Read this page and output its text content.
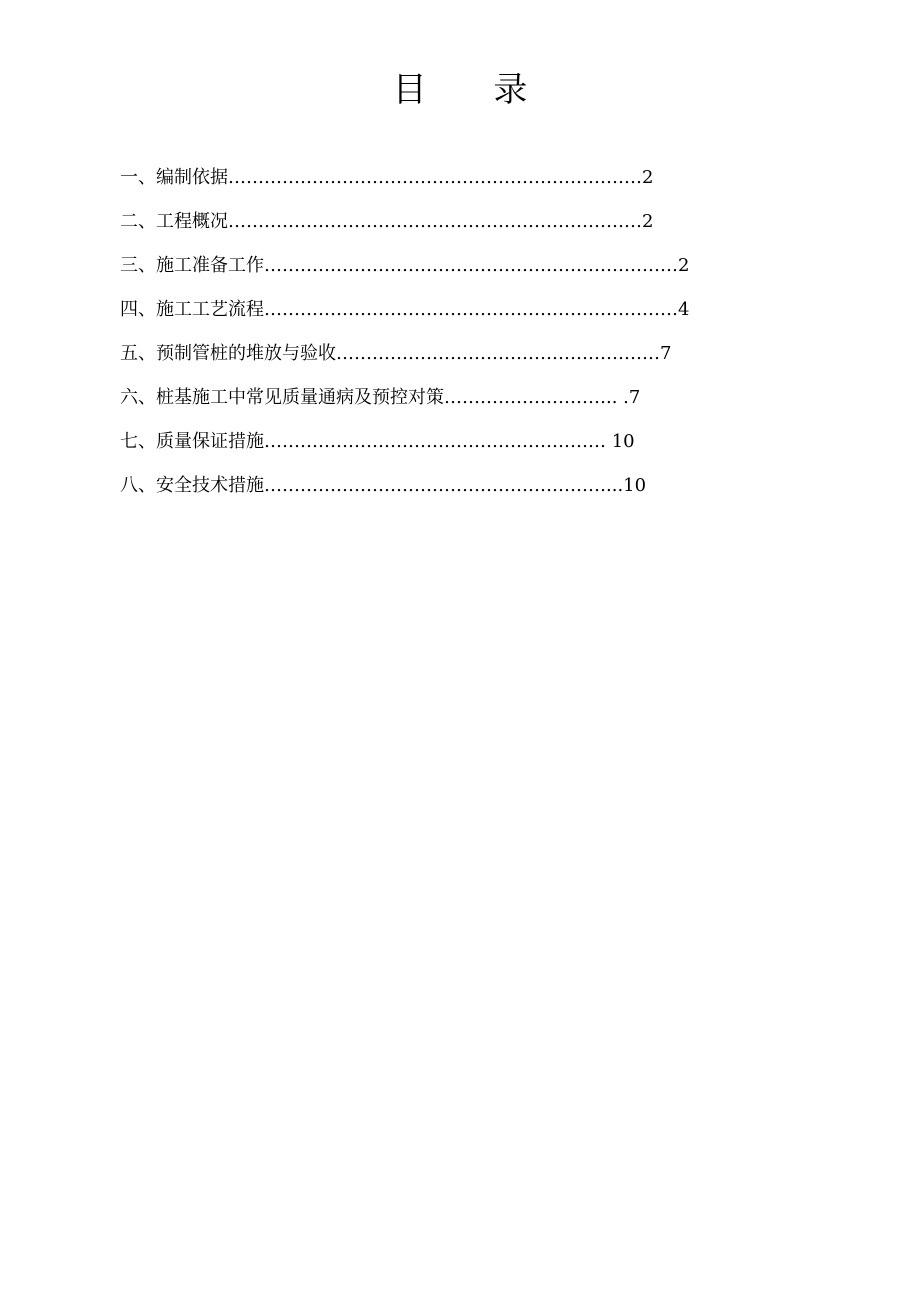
目 录
一、编制依据……………………………………………………………2
二、工程概况……………………………………………………………2
三、施工准备工作……………………………………………………………2
四、施工工艺流程……………………………………………………………4
五、预制管桩的堆放与验收………………………………………………7
六、桩基施工中常见质量通病及预控对策……………………….. .7
七、质量保证措施………………………………………………… 10
八、安全技术措施…………………………………………………...10
